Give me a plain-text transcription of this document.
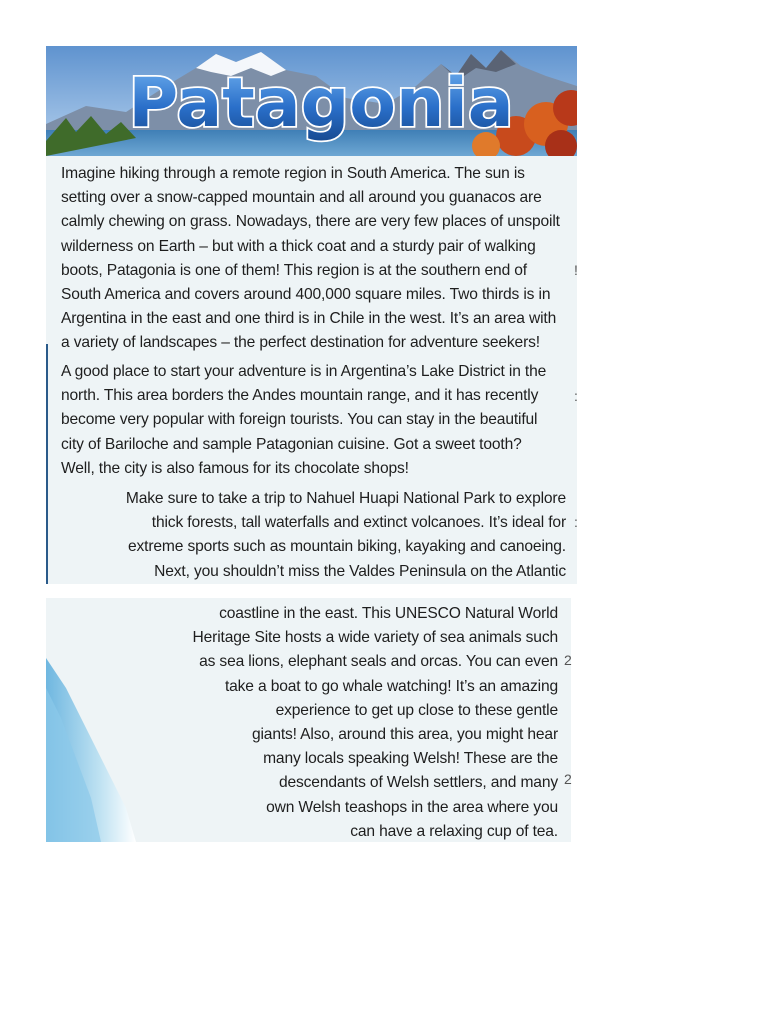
Patagonia

Imagine hiking through a remote region in South America. The sun is
setting over a snow-capped mountain and all around you guanacos are
calmly chewing on grass. Nowadays, there are very few places of unspoilt
wilderness on Earth – but with a thick coat and a sturdy pair of walking
boots, Patagonia is one of them! This region is at the southern end of
South America and covers around 400,000 square miles. Two thirds is in
Argentina in the east and one third is in Chile in the west. It’s an area with
a variety of landscapes – the perfect destination for adventure seekers!

A good place to start your adventure is in Argentina’s Lake District in the
north. This area borders the Andes mountain range, and it has recently
become very popular with foreign tourists. You can stay in the beautiful
city of Bariloche and sample Patagonian cuisine. Got a sweet tooth?
Well, the city is also famous for its chocolate shops!

Make sure to take a trip to Nahuel Huapi National Park to explore
thick forests, tall waterfalls and extinct volcanoes. It’s ideal for
extreme sports such as mountain biking, kayaking and canoeing.
Next, you shouldn’t miss the Valdes Peninsula on the Atlantic

!
:
:

coastline in the east. This UNESCO Natural World
Heritage Site hosts a wide variety of sea animals such
as sea lions, elephant seals and orcas. You can even
take a boat to go whale watching! It’s an amazing
experience to get up close to these gentle
giants! Also, around this area, you might hear
many locals speaking Welsh! These are the
descendants of Welsh settlers, and many
own Welsh teashops in the area where you
can have a relaxing cup of tea.

2
2
